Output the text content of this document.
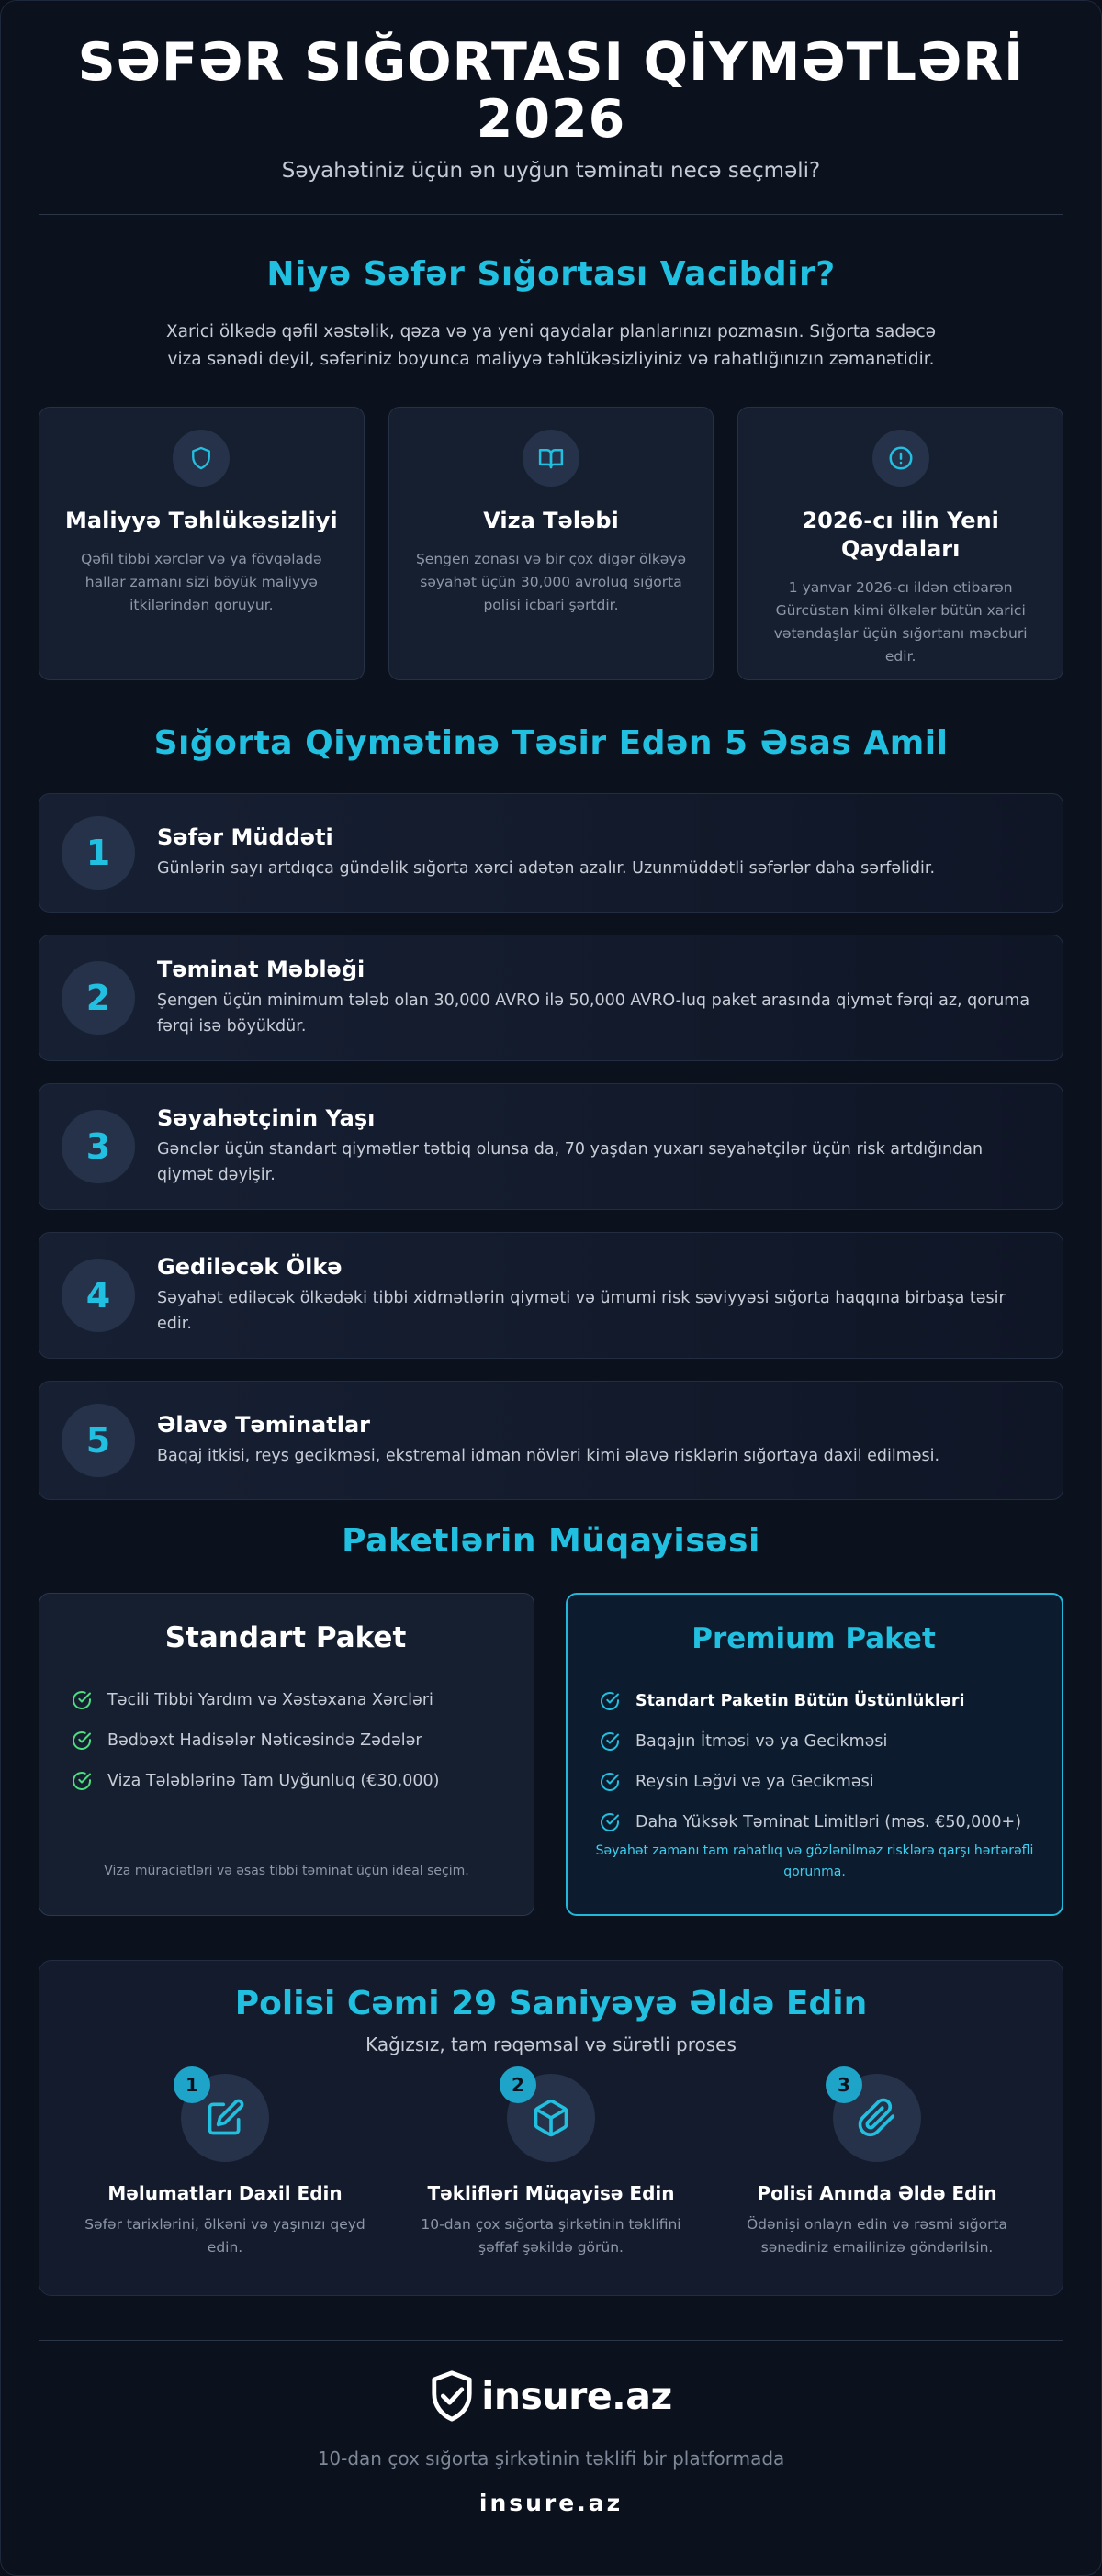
SƏFƏR SIĞORTASI QİYMƏTLƏRİ 2026

Səyahətiniz üçün ən uyğun təminatı necə seçməli?

Niyə Səfər Sığortası Vacibdir?

Xarici ölkədə qəfil xəstəlik, qəza və ya yeni qaydalar planlarınızı pozmasın. Sığorta sadəcə viza sənədi deyil, səfəriniz boyunca maliyyə təhlükəsizliyiniz və rahatlığınızın zəmanətidir.

Maliyyə Təhlükəsizliyi
Qəfil tibbi xərclər və ya fövqəladə hallar zamanı sizi böyük maliyyə itkilərindən qoruyur.
Viza Tələbi
Şengen zonası və bir çox digər ölkəyə səyahət üçün 30,000 avroluq sığorta polisi icbari şərtdir.
2026-cı ilin Yeni Qaydaları
1 yanvar 2026-cı ildən etibarən Gürcüstan kimi ölkələr bütün xarici vətəndaşlar üçün sığortanı məcburi edir.
Sığorta Qiymətinə Təsir Edən 5 Əsas Amil
1	Səfər Müddəti
Günlərin sayı artdıqca gündəlik sığorta xərci adətən azalır. Uzunmüddətli səfərlər daha sərfəlidir.
2
Təminat Məbləği
Şengen üçün minimum tələb olan 30,000 AVRO ilə 50,000 AVRO-luq paket arasında qiymət fərqi az, qoruma fərqi isə böyükdür.
3
Səyahətçinin Yaşı
Gənclər üçün standart qiymətlər tətbiq olunsa da, 70 yaşdan yuxarı səyahətçilər üçün risk artdığından qiymət dəyişir.
4
Gediləcək Ölkə
Səyahət ediləcək ölkədəki tibbi xidmətlərin qiyməti və ümumi risk səviyyəsi sığorta haqqına birbaşa təsir edir.
5	Əlavə Təminatlar
Baqaj itkisi, reys gecikməsi, ekstremal idman növləri kimi əlavə risklərin sığortaya daxil edilməsi.
Paketlərin Müqayisəsi
Standart Paket
Təcili Tibbi Yardım və Xəstəxana Xərcləri
Bədbəxt Hadisələr Nəticəsində Zədələr
Viza Tələblərinə Tam Uyğunluq (€30,000)
Viza müraciətləri və əsas tibbi təminat üçün ideal seçim.
Premium Paket
Standart Paketin Bütün Üstünlükləri
Baqajın İtməsi və ya Gecikməsi
Reysin Ləğvi və ya Gecikməsi
Daha Yüksək Təminat Limitləri (məs. €50,000+)
Səyahət zamanı tam rahatlıq və gözlənilməz risklərə qarşı hərtərəfli qorunma.
Polisi Cəmi 29 Saniyəyə Əldə Edin

Kağızsız, tam rəqəmsal və sürətli proses

1
Məlumatları Daxil Edin
Səfər tarixlərini, ölkəni və yaşınızı qeyd edin.
2
Təklifləri Müqayisə Edin
10-dan çox sığorta şirkətinin təklifini şəffaf şəkildə görün.
3
Polisi Anında Əldə Edin
Ödənişi onlayn edin və rəsmi sığorta sənədiniz emailinizə göndərilsin.
insure.az

10-dan çox sığorta şirkətinin təklifi bir platformada

insure.az
